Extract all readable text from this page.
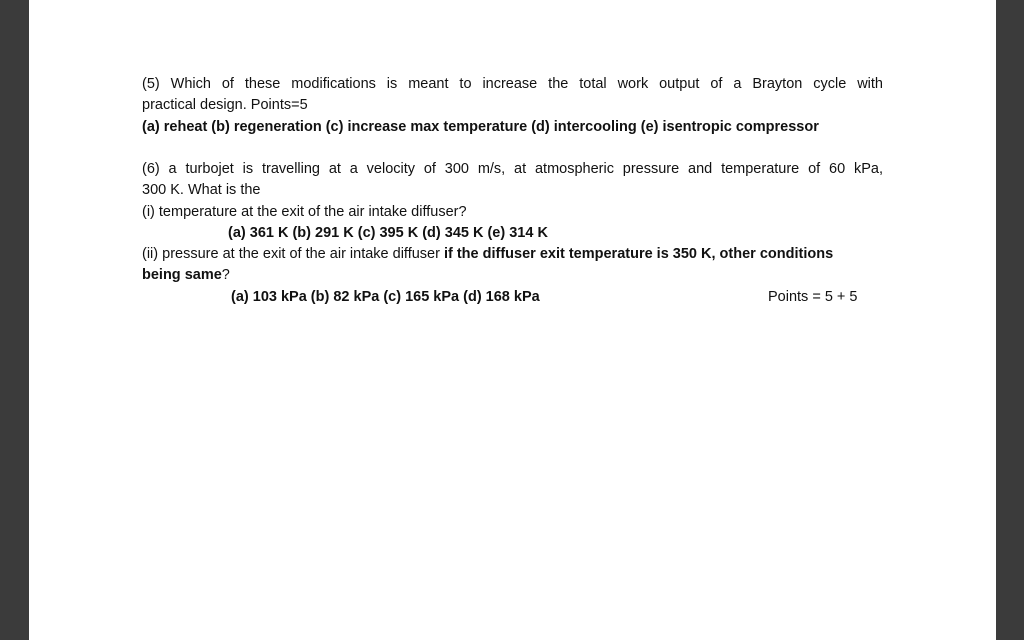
(5) Which of these modifications is meant to increase the total work output of a Brayton cycle with
practical design. Points=5
(a) reheat (b) regeneration (c) increase max temperature (d) intercooling (e) isentropic compressor
(6) a turbojet is travelling at a velocity of 300 m/s, at atmospheric pressure and temperature of 60 kPa,
300 K. What is the
(i) temperature at the exit of the air intake diffuser?
(a) 361 K (b) 291 K (c) 395 K (d) 345 K (e) 314 K
(ii) pressure at the exit of the air intake diffuser if the diffuser exit temperature is 350 K, other conditions
being same?
(a) 103 kPa (b) 82 kPa (c) 165 kPa (d) 168 kPa	Points = 5 + 5
